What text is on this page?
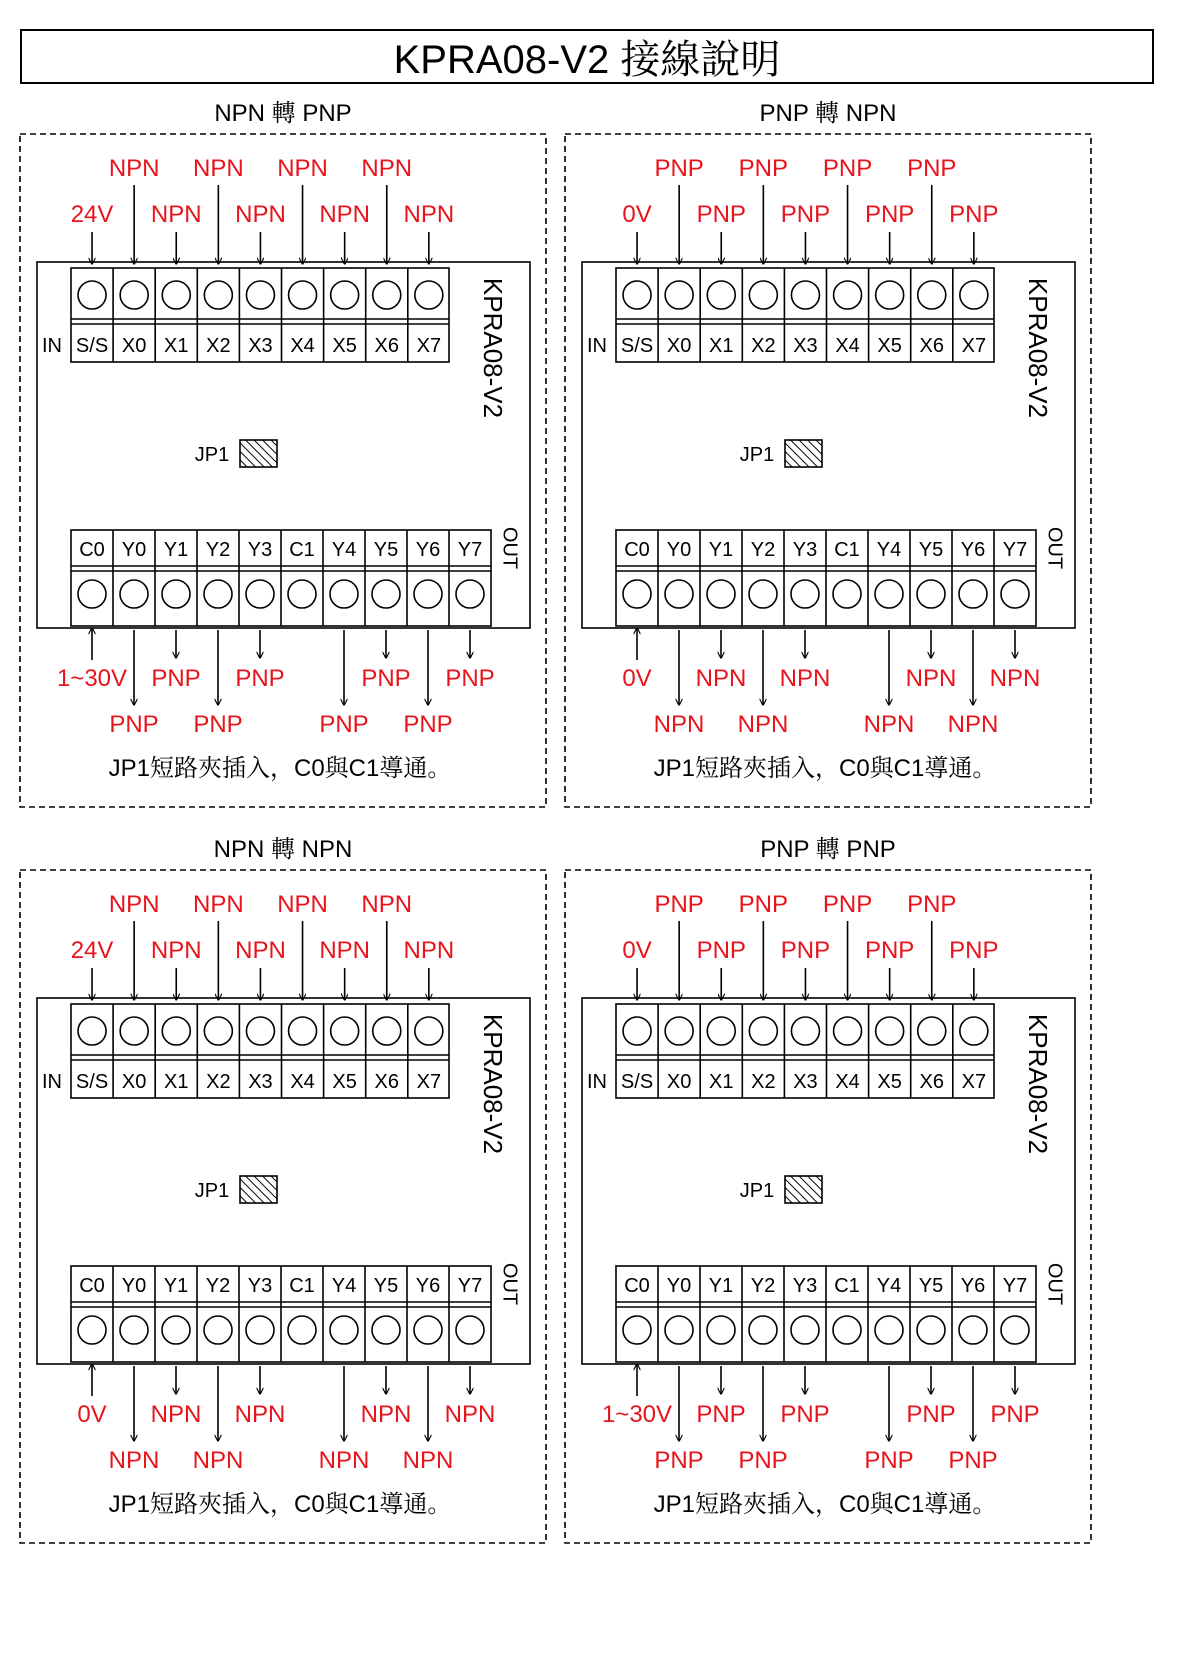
KPRA08-V2 接線說明
NPN 轉 PNP
KPRA08-V2
IN S/S X0 X1 X2 X3 X4 X5 X6 X7
JP1
OUT
C0 Y0 Y1 Y2 Y3 C1 Y4 Y5 Y6 Y7
24V NPN NPN NPN NPN
NPN NPN NPN NPN
1~30V PNP PNP	PNP PNP
PNP PNP	PNP PNP
JP1短路夾插入，C0與C1導通。
PNP 轉 NPN
KPRA08-V2
IN S/S X0 X1 X2 X3 X4 X5 X6 X7
JP1
OUT
C0 Y0 Y1 Y2 Y3 C1 Y4 Y5 Y6 Y7
0V PNP PNP PNP PNP
PNP PNP PNP PNP
0V NPN NPN	NPN NPN
NPN NPN	NPN NPN
JP1短路夾插入，C0與C1導通。
NPN 轉 NPN
KPRA08-V2
IN S/S X0 X1 X2 X3 X4 X5 X6 X7
JP1
OUT
C0 Y0 Y1 Y2 Y3 C1 Y4 Y5 Y6 Y7
24V NPN NPN NPN NPN
NPN NPN NPN NPN
0V NPN NPN	NPN NPN
NPN NPN	NPN NPN
JP1短路夾插入，C0與C1導通。
PNP 轉 PNP
KPRA08-V2
IN S/S X0 X1 X2 X3 X4 X5 X6 X7
JP1
OUT
C0 Y0 Y1 Y2 Y3 C1 Y4 Y5 Y6 Y7
0V PNP PNP PNP PNP
PNP PNP PNP PNP
1~30V PNP PNP	PNP PNP
PNP PNP	PNP PNP
JP1短路夾插入，C0與C1導通。
